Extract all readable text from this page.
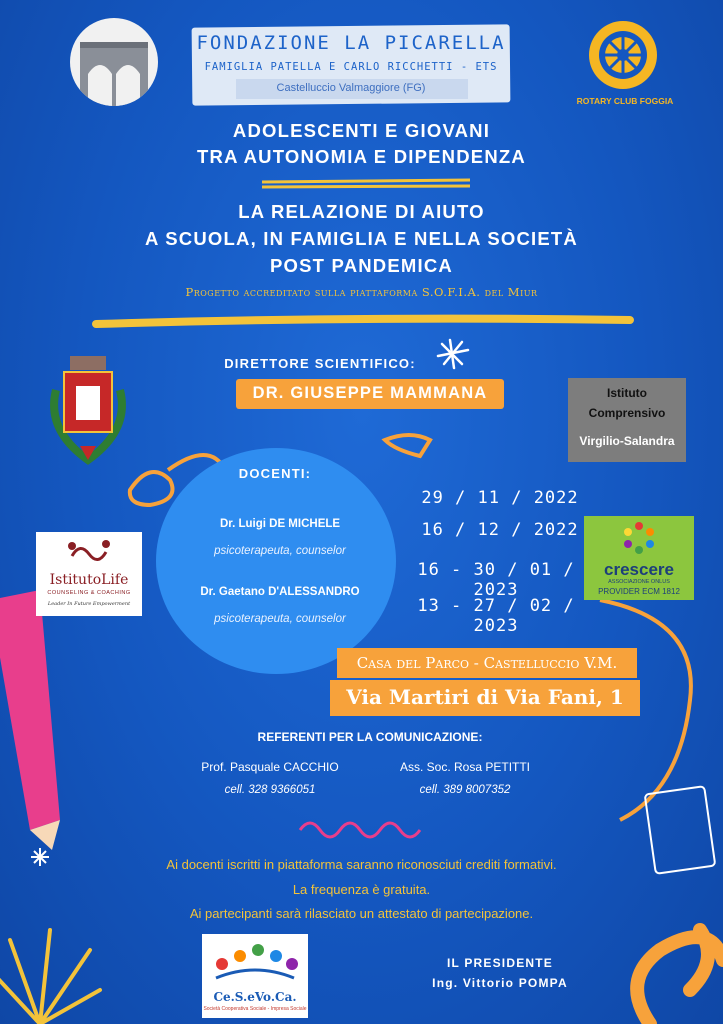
FONDAZIONE LA PICARELLA
FAMIGLIA PATELLA E CARLO RICCHETTI - ETS
Castelluccio Valmaggiore (FG)
ROTARY CLUB FOGGIA
ADOLESCENTI E GIOVANI
TRA AUTONOMIA E DIPENDENZA
LA RELAZIONE DI AIUTO
A SCUOLA, IN FAMIGLIA E NELLA SOCIETÀ
POST PANDEMICA
Progetto accreditato sulla piattaforma S.O.F.I.A. del Miur
DIRETTORE SCIENTIFICO:
DR. GIUSEPPE MAMMANA
DOCENTI:
Dr. Luigi DE MICHELE
psicoterapeuta, counselor
Dr. Gaetano D'ALESSANDRO
psicoterapeuta, counselor
29 / 11 / 2022
16 / 12 / 2022
16 - 30 / 01 / 2023
13 - 27 / 02 / 2023
Casa del Parco - Castelluccio V.M.
Via Martiri di Via Fani, 1
REFERENTI PER LA COMUNICAZIONE:
Prof. Pasquale CACCHIO
cell. 328 9366051
Ass. Soc. Rosa PETITTI
cell. 389 8007352
Ai docenti iscritti in piattaforma saranno riconosciuti crediti formativi.
La frequenza è gratuita.
Ai partecipanti sarà rilasciato un attestato di partecipazione.
IL PRESIDENTE
Ing. Vittorio POMPA
Istituto
Comprensivo
Virgilio-Salandra
IstitutoLife
COUNSELING & COACHING
Leader In Future Empowerment
crescere
ASSOCIAZIONE ONLUS
PROVIDER ECM 1812
Ce.S.eVo.Ca.
Società Cooperativa Sociale - Impresa Sociale
